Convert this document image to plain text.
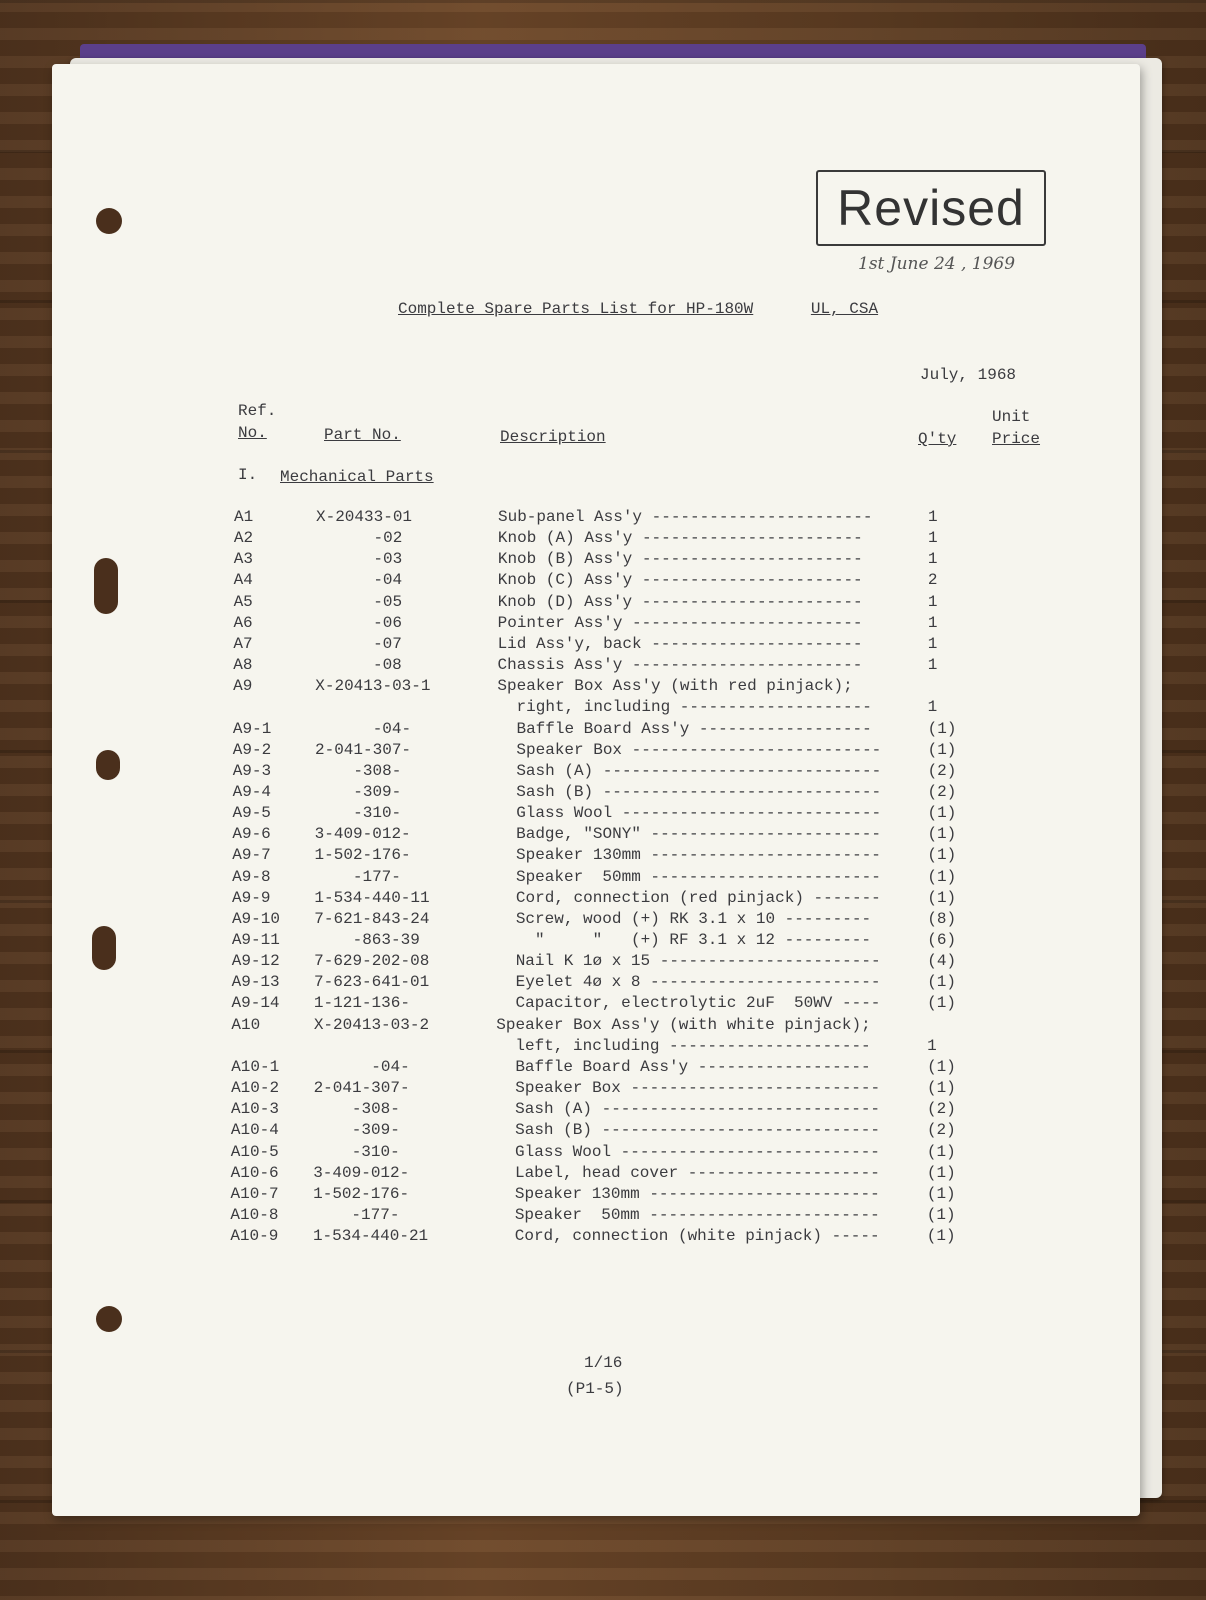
Revised
1st June 24 , 1969
Complete Spare Parts List for HP-180W	UL, CSA
July, 1968
Ref.
No.	Part No.	Description	Q'ty
Unit
Price
I. Mechanical Parts
A1	X-20433-01	Sub-panel Ass'y -----------------------	1
A2	-02	Knob (A) Ass'y -----------------------	1
A3	-03	Knob (B) Ass'y -----------------------	1
A4	-04	Knob (C) Ass'y -----------------------	2
A5	-05	Knob (D) Ass'y -----------------------	1
A6	-06	Pointer Ass'y ------------------------	1
A7	-07	Lid Ass'y, back ----------------------	1
A8	-08	Chassis Ass'y ------------------------	1
A9	X-20413-03-1	Speaker Box Ass'y (with red pinjack);
right, including --------------------	1
A9-1	-04-	Baffle Board Ass'y ------------------	(1)
A9-2	2-041-307-	Speaker Box --------------------------	(1)
A9-3	-308-	Sash (A) -----------------------------	(2)
A9-4	-309-	Sash (B) -----------------------------	(2)
A9-5	-310-	Glass Wool ---------------------------	(1)
A9-6	3-409-012-	Badge, "SONY" ------------------------	(1)
A9-7	1-502-176-	Speaker 130mm ------------------------	(1)
A9-8	-177-	Speaker  50mm ------------------------	(1)
A9-9	1-534-440-11	Cord, connection (red pinjack) -------	(1)
A9-10 7-621-843-24	Screw, wood (+) RK 3.1 x 10 ---------	(8)
A9-11 -863-39	"     "   (+) RF 3.1 x 12 ---------	(6)
A9-12 7-629-202-08	Nail K 1ø x 15 -----------------------	(4)
A9-13 7-623-641-01	Eyelet 4ø x 8 ------------------------	(1)
A9-14 1-121-136-	Capacitor, electrolytic 2uF  50WV ----	(1)
A10	X-20413-03-2	Speaker Box Ass'y (with white pinjack);
left, including ---------------------	1
A10-1 -04-	Baffle Board Ass'y ------------------	(1)
A10-2 2-041-307-	Speaker Box --------------------------	(1)
A10-3 -308-	Sash (A) -----------------------------	(2)
A10-4 -309-	Sash (B) -----------------------------	(2)
A10-5 -310-	Glass Wool ---------------------------	(1)
A10-6 3-409-012-	Label, head cover --------------------	(1)
A10-7 1-502-176-	Speaker 130mm ------------------------	(1)
A10-8 -177-	Speaker  50mm ------------------------	(1)
A10-9 1-534-440-21	Cord, connection (white pinjack) -----	(1)
1/16
(P1-5)
